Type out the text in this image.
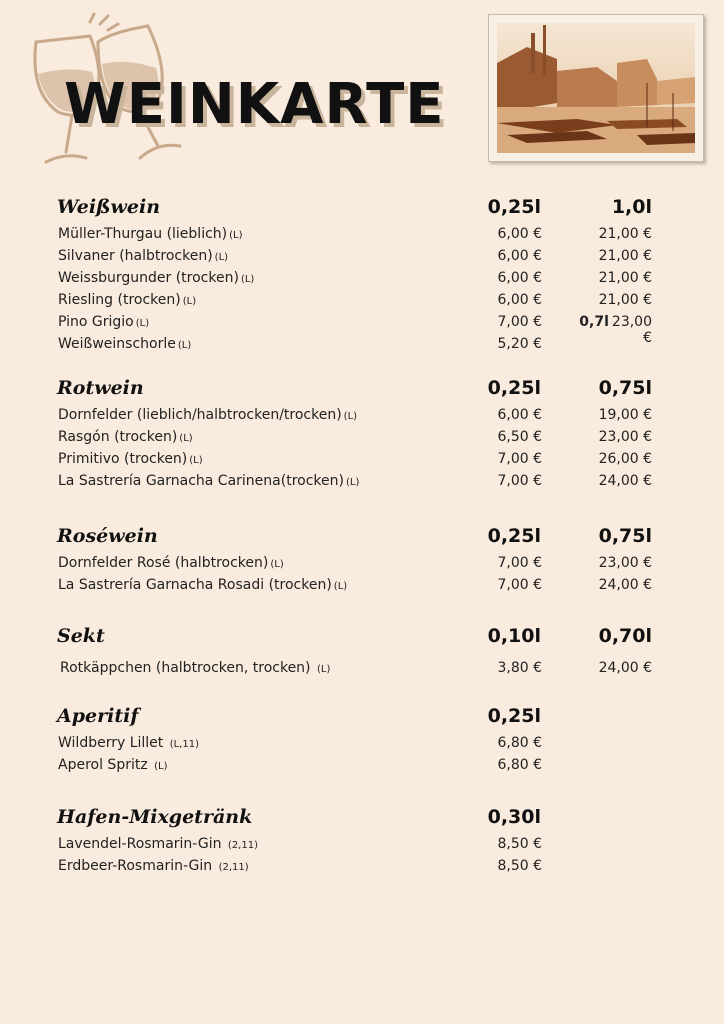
WEINKARTE
Weißwein	0,25l	1,0l
Müller-Thurgau (lieblich) (L)	6,00 €	21,00 €
Silvaner (halbtrocken) (L)	6,00 €	21,00 €
Weissburgunder (trocken) (L)	6,00 €	21,00 €
Riesling (trocken) (L)	6,00 €	21,00 €
Pino Grigio (L)	7,00 €	0,7l 23,00 €
Weißweinschorle (L)	5,20 €
Rotwein	0,25l	0,75l
Dornfelder (lieblich/halbtrocken/trocken) (L)	6,00 €	19,00 €
Rasgón (trocken) (L)	6,50 €	23,00 €
Primitivo (trocken) (L)	7,00 €	26,00 €
La Sastrería Garnacha Carinena(trocken) (L)	7,00 €	24,00 €
Roséwein	0,25l	0,75l
Dornfelder Rosé (halbtrocken) (L)	7,00 €	23,00 €
La Sastrería Garnacha Rosadi (trocken) (L)	7,00 €	24,00 €
Sekt	0,10l	0,70l
Rotkäppchen (halbtrocken, trocken) (L)	3,80 €	24,00 €
Aperitif	0,25l
Wildberry Lillet (L,11)	6,80 €
Aperol Spritz (L)	6,80 €
Hafen-Mixgetränk	0,30l
Lavendel-Rosmarin-Gin (2,11)	8,50 €
Erdbeer-Rosmarin-Gin (2,11)	8,50 €
